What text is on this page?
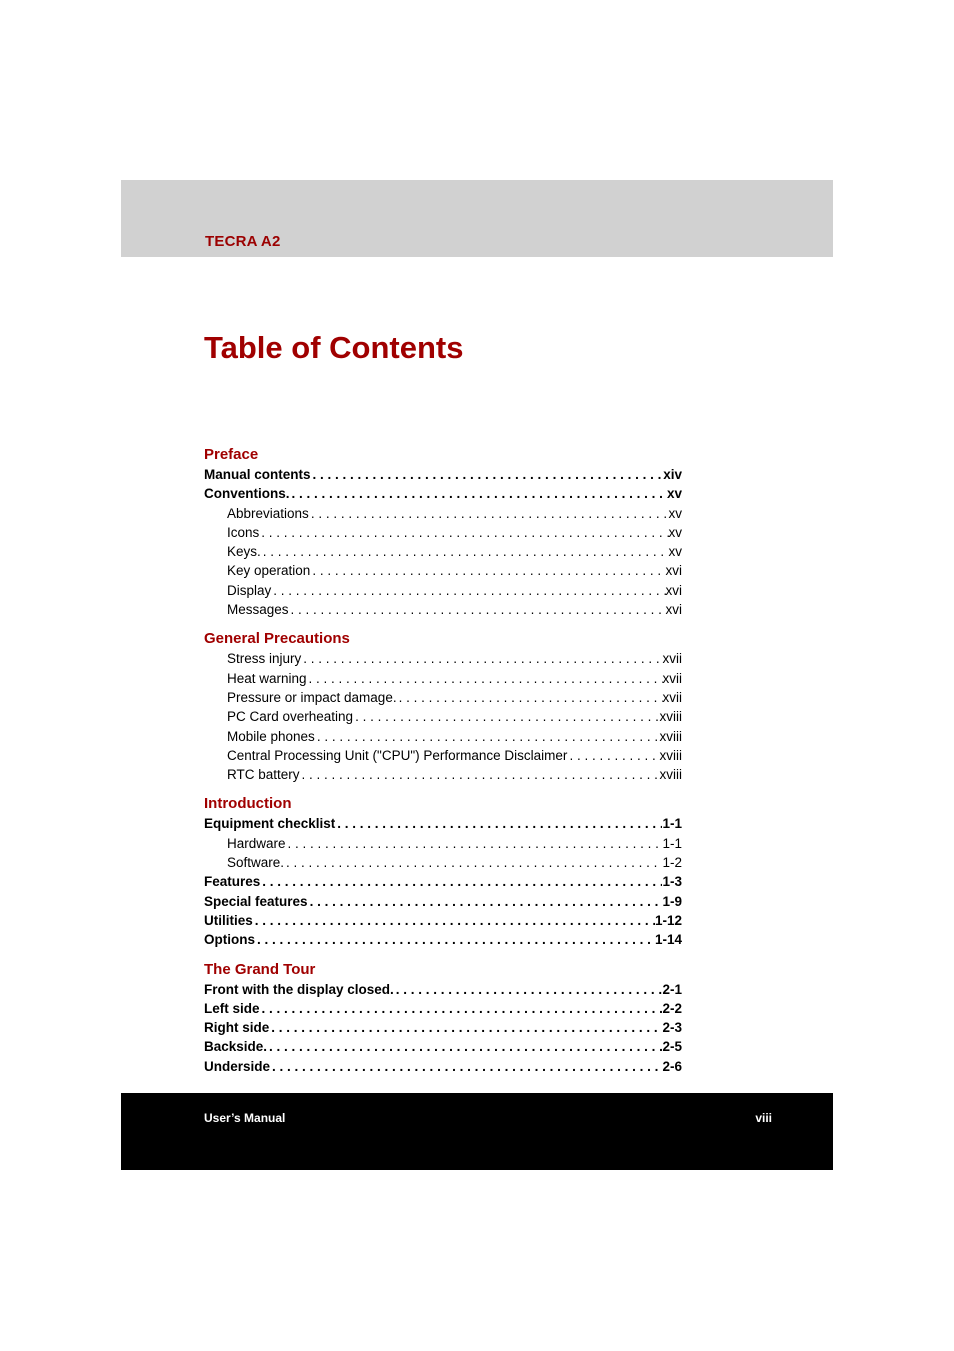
TECRA A2
Table of Contents
Preface
Manual contents . . .	xiv
Conventions. . . .	xv
Abbreviations . . .	xv
Icons . . .	xv
Keys. . . .	xv
Key operation . . .	xvi
Display . . .	xvi
Messages . . .	xvi
General Precautions
Stress injury . . .	xvii
Heat warning . . .	xvii
Pressure or impact damage. . . .	xvii
PC Card overheating . . .	xviii
Mobile phones . . .	xviii
Central Processing Unit ("CPU") Performance Disclaimer . . .	xviii
RTC battery . . .	xviii
Introduction
Equipment checklist . . .	1-1
Hardware . . .	1-1
Software. . . .	1-2
Features . . .	1-3
Special features . . .	1-9
Utilities . . .	1-12
Options . . .	1-14
The Grand Tour
Front with the display closed. . . .	2-1
Left side . . .	2-2
Right side . . .	2-3
Backside. . . .	2-5
Underside . . .	2-6
User’s Manual	viii
